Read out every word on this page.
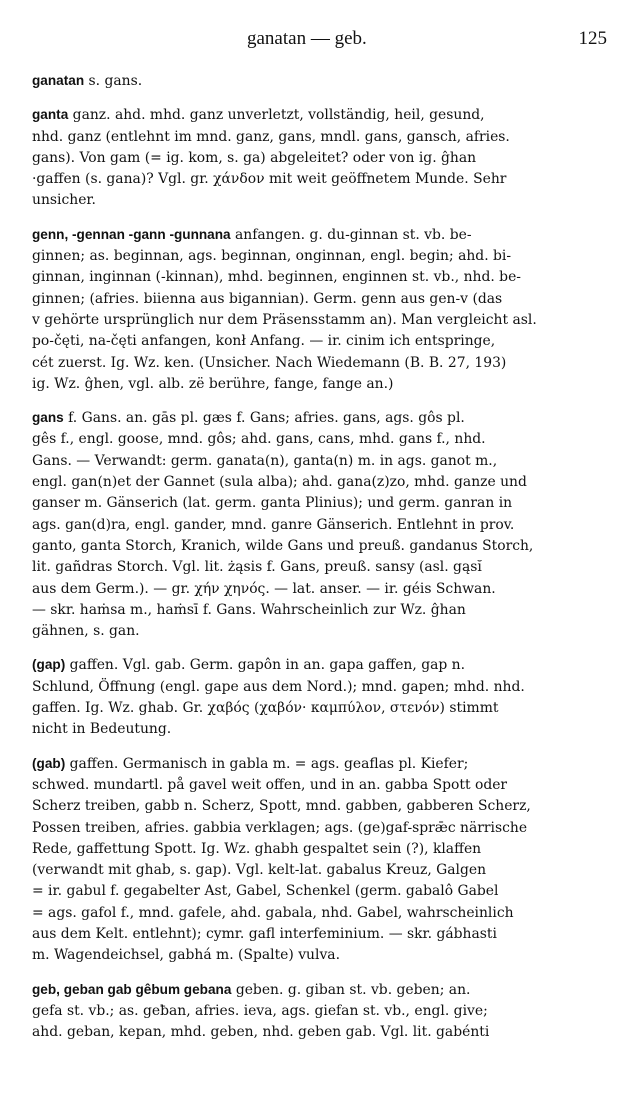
ganatan — geb.	125
ganatan s. gans.
ganta ganz. ahd. mhd. ganz unverletzt, vollständig, heil, gesund,
nhd. ganz (entlehnt im mnd. ganz, gans, mndl. gans, gansch, afries.
gans). Von gam (= ig. kom, s. ga) abgeleitet? oder von ig. ĝhan
·gaffen (s. gana)? Vgl. gr. χάνδον mit weit geöffnetem Munde. Sehr
unsicher.
genn, -gennan -gann -gunnana anfangen. g. du-ginnan st. vb. be-
ginnen; as. beginnan, ags. beginnan, onginnan, engl. begin; ahd. bi-
ginnan, inginnan (-kinnan), mhd. beginnen, enginnen st. vb., nhd. be-
ginnen; (afries. biienna aus bigannian). Germ. genn aus gen-v (das
v gehörte ursprünglich nur dem Präsensstamm an). Man vergleicht asl.
po-čęti, na-čęti anfangen, konł Anfang. — ir. cinim ich entspringe,
cét zuerst. Ig. Wz. ken. (Unsicher. Nach Wiedemann (B. B. 27, 193)
ig. Wz. ĝhen, vgl. alb. zë berühre, fange, fange an.)
gans f. Gans. an. gās pl. gæs f. Gans; afries. gans, ags. gôs pl.
gês f., engl. goose, mnd. gôs; ahd. gans, cans, mhd. gans f., nhd.
Gans. — Verwandt: germ. ganata(n), ganta(n) m. in ags. ganot m.,
engl. gan(n)et der Gannet (sula alba); ahd. gana(z)zo, mhd. ganze und
ganser m. Gänserich (lat. germ. ganta Plinius); und germ. ganran in
ags. gan(d)ra, engl. gander, mnd. ganre Gänserich. Entlehnt in prov.
ganto, ganta Storch, Kranich, wilde Gans und preuß. gandanus Storch,
lit. gañdras Storch. Vgl. lit. żąsis f. Gans, preuß. sansy (asl. gąsĭ
aus dem Germ.). — gr. χήν χηνός. — lat. anser. — ir. géis Schwan.
— skr. haṁsa m., haṁsī f. Gans. Wahrscheinlich zur Wz. ĝhan
gähnen, s. gan.
(gap) gaffen. Vgl. gab. Germ. gapôn in an. gapa gaffen, gap n.
Schlund, Öffnung (engl. gape aus dem Nord.); mnd. gapen; mhd. nhd.
gaffen. Ig. Wz. ghab. Gr. χαβός (χαβόν· καμπύλον, στενόν) stimmt
nicht in Bedeutung.
(gab) gaffen. Germanisch in gabla m. = ags. geaflas pl. Kiefer;
schwed. mundartl. på gavel weit offen, und in an. gabba Spott oder
Scherz treiben, gabb n. Scherz, Spott, mnd. gabben, gabberen Scherz,
Possen treiben, afries. gabbia verklagen; ags. (ge)gaf-sprǣc närrische
Rede, gaffettung Spott. Ig. Wz. ghabh gespaltet sein (?), klaffen
(verwandt mit ghab, s. gap). Vgl. kelt-lat. gabalus Kreuz, Galgen
= ir. gabul f. gegabelter Ast, Gabel, Schenkel (germ. gabalô Gabel
= ags. gafol f., mnd. gafele, ahd. gabala, nhd. Gabel, wahrscheinlich
aus dem Kelt. entlehnt); cymr. gafl interfeminium. — skr. gábhasti
m. Wagendeichsel, gabhá m. (Spalte) vulva.
geb, geban gab gêbum gebana geben. g. giban st. vb. geben; an.
gefa st. vb.; as. geƀan, afries. ieva, ags. giefan st. vb., engl. give;
ahd. geban, kepan, mhd. geben, nhd. geben gab. Vgl. lit. gabénti
